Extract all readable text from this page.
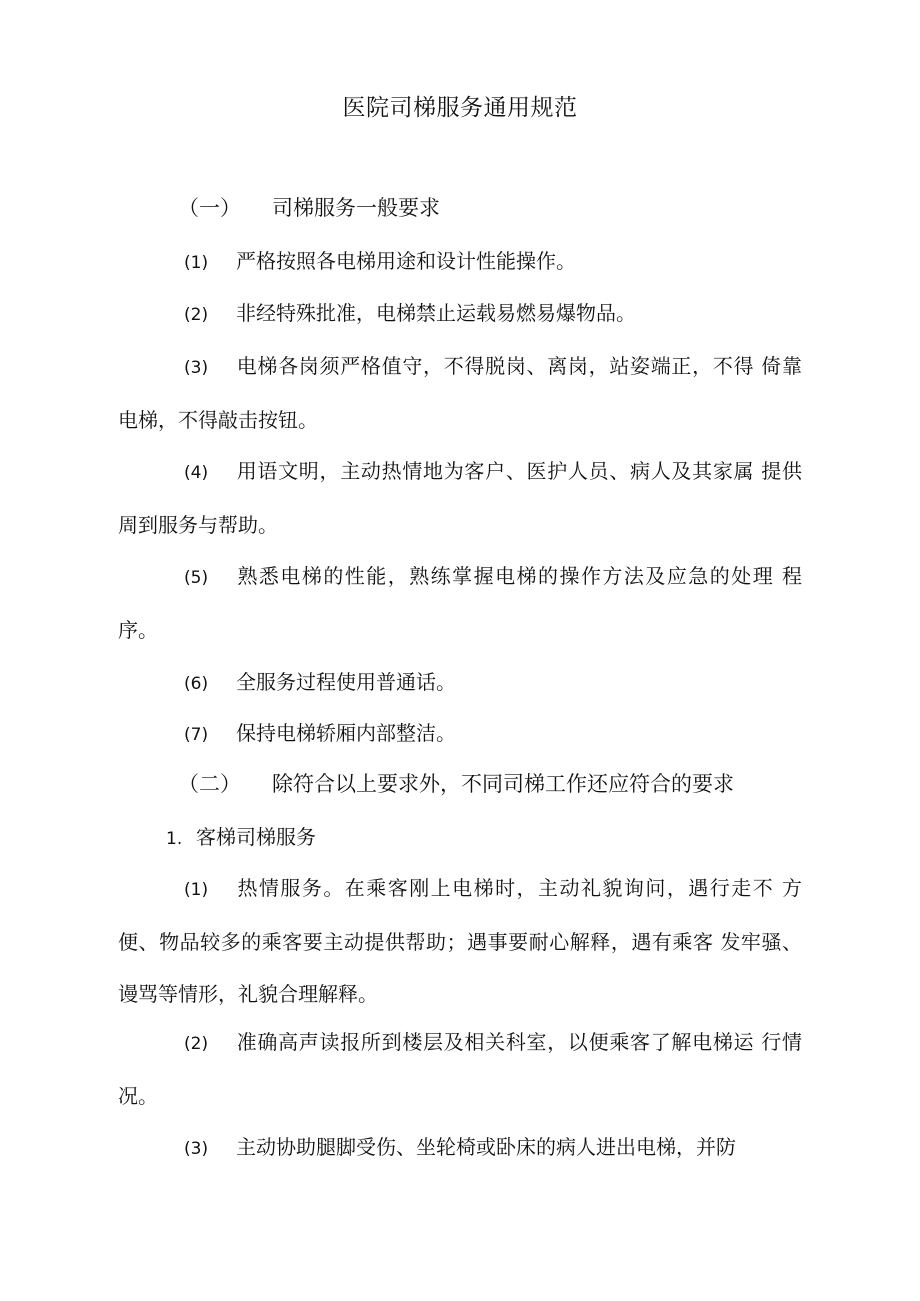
医院司梯服务通用规范
（一） 司梯服务一般要求
(1) 严格按照各电梯用途和设计性能操作。
(2) 非经特殊批准，电梯禁止运载易燃易爆物品。
(3) 电梯各岗须严格值守，不得脱岗、离岗，站姿端正，不得 倚靠电梯，不得敲击按钮。
(4) 用语文明，主动热情地为客户、医护人员、病人及其家属 提供周到服务与帮助。
(5) 熟悉电梯的性能，熟练掌握电梯的操作方法及应急的处理 程序。
(6) 全服务过程使用普通话。
(7) 保持电梯轿厢内部整洁。
（二） 除符合以上要求外，不同司梯工作还应符合的要求
1. 客梯司梯服务
(1) 热情服务。在乘客刚上电梯时，主动礼貌询问，遇行走不 方便、物品较多的乘客要主动提供帮助；遇事要耐心解释，遇有乘客 发牢骚、谩骂等情形，礼貌合理解释。
(2) 准确高声读报所到楼层及相关科室，以便乘客了解电梯运 行情况。
(3) 主动协助腿脚受伤、坐轮椅或卧床的病人进出电梯，并防
